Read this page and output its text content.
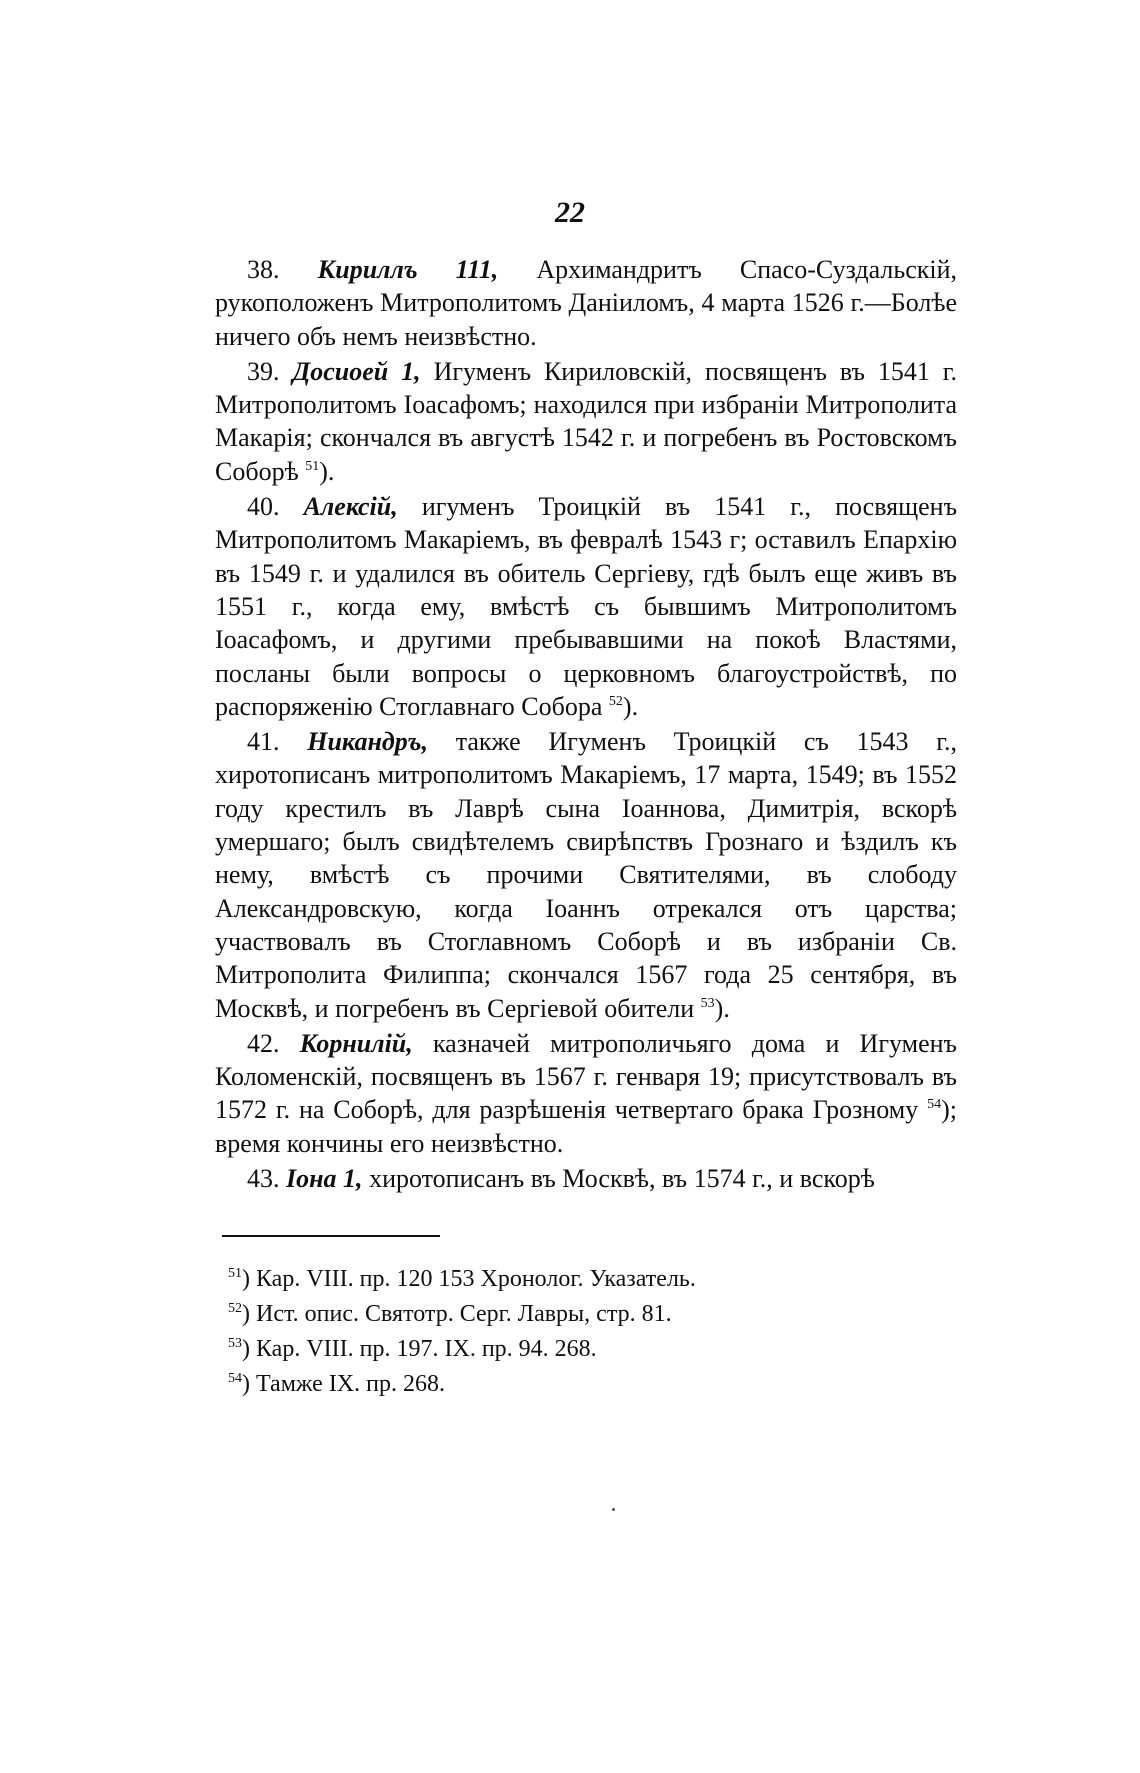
22

38. Кириллъ 111, Архимандритъ Спасо-Суздальскій, рукоположенъ Митрополитомъ Даніиломъ, 4 марта 1526 г.—Болѣе ничего объ немъ неизвѣстно.

39. Досиоей 1, Игуменъ Кириловскій, посвященъ въ 1541 г. Митрополитомъ Іоасафомъ; находился при избраніи Митрополита Макарія; скончался въ августѣ 1542 г. и погребенъ въ Ростовскомъ Соборѣ $^{51}$).

40. Алексій, игуменъ Троицкій въ 1541 г., посвященъ Митрополитомъ Макаріемъ, въ февралѣ 1543 г; оставилъ Епархію въ 1549 г. и удалился въ обитель Сергіеву, гдѣ былъ еще живъ въ 1551 г., когда ему, вмѣстѣ съ бывшимъ Митрополитомъ Іоасафомъ, и другими пребывавшими на покоѣ Властями, посланы были вопросы о церковномъ благоустройствѣ, по распоряженію Стоглавнаго Собора $^{52}$).

41. Никандръ, также Игуменъ Троицкій съ 1543 г., хиротописанъ митрополитомъ Макаріемъ, 17 марта, 1549; въ 1552 году крестилъ въ Лаврѣ сына Іоаннова, Димитрія, вскорѣ умершаго; былъ свидѣтелемъ свирѣпствъ Грознаго и ѣздилъ къ нему, вмѣстѣ съ прочими Святителями, въ слободу Александровскую, когда Іоаннъ отрекался отъ царства; участвовалъ въ Стоглавномъ Соборѣ и въ избраніи Св. Митрополита Филиппа; скончался 1567 года 25 сентября, въ Москвѣ, и погребенъ въ Сергіевой обители $^{53}$).

42. Корнилій, казначей митрополичьяго дома и Игуменъ Коломенскій, посвященъ въ 1567 г. генваря 19; присутствовалъ въ 1572 г. на Соборѣ, для разрѣшенія четвертаго брака Грозному $^{54}$); время кончины его неизвѣстно.

43. Іона 1, хиротописанъ въ Москвѣ, въ 1574 г., и вскорѣ

$^{51}$) Кар. VIII. пр. 120 153 Хронолог. Указатель.

$^{52}$) Ист. опис. Святотр. Серг. Лавры, стр. 81.

$^{53}$) Кар. VIII. пр. 197. IX. пр. 94. 268.

$^{54}$) Тамже IX. пр. 268.
